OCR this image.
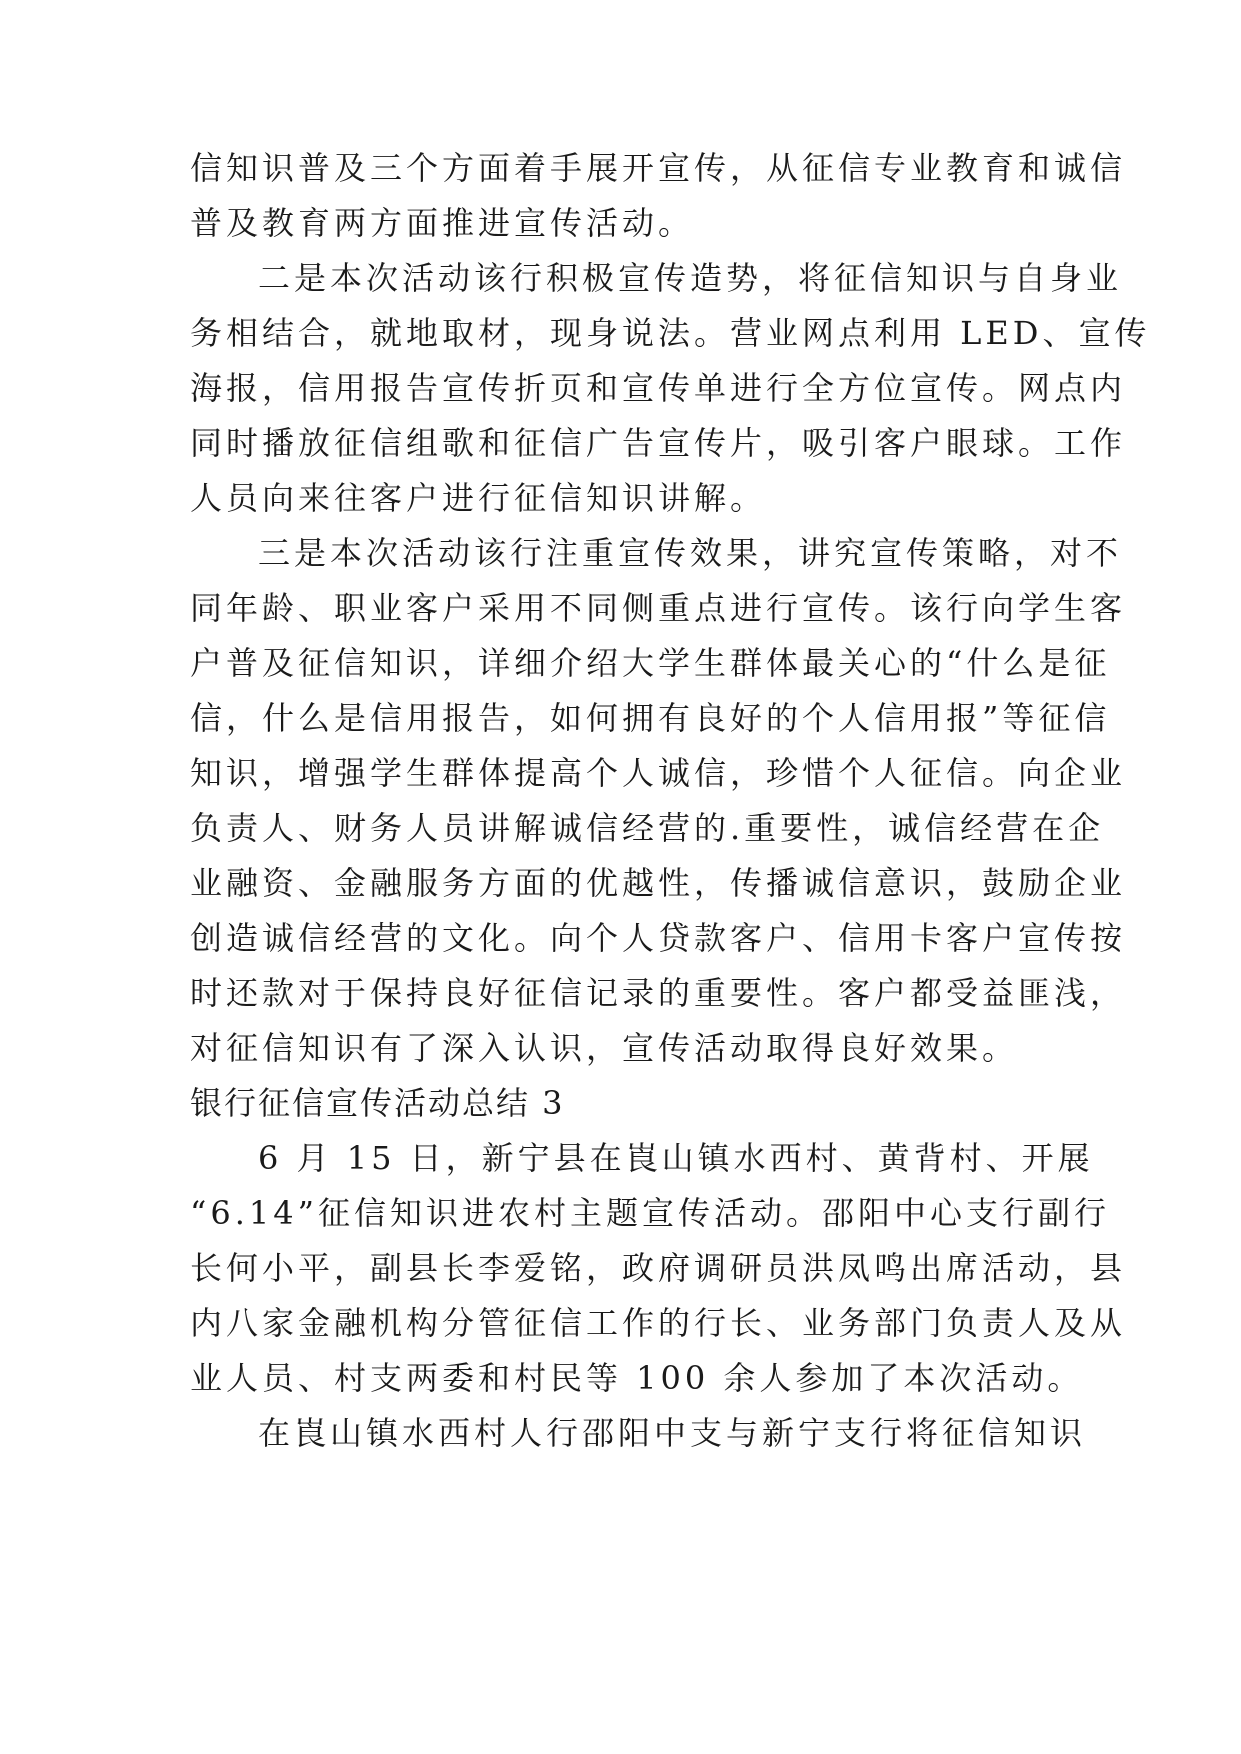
信知识普及三个方面着手展开宣传，从征信专业教育和诚信
普及教育两方面推进宣传活动。
二是本次活动该行积极宣传造势，将征信知识与自身业
务相结合，就地取材，现身说法。营业网点利用 LED、宣传
海报，信用报告宣传折页和宣传单进行全方位宣传。网点内
同时播放征信组歌和征信广告宣传片，吸引客户眼球。工作
人员向来往客户进行征信知识讲解。
三是本次活动该行注重宣传效果，讲究宣传策略，对不
同年龄、职业客户采用不同侧重点进行宣传。该行向学生客
户普及征信知识，详细介绍大学生群体最关心的“什么是征
信，什么是信用报告，如何拥有良好的个人信用报”等征信
知识，增强学生群体提高个人诚信，珍惜个人征信。向企业
负责人、财务人员讲解诚信经营的.重要性，诚信经营在企
业融资、金融服务方面的优越性，传播诚信意识，鼓励企业
创造诚信经营的文化。向个人贷款客户、信用卡客户宣传按
时还款对于保持良好征信记录的重要性。客户都受益匪浅，
对征信知识有了深入认识，宣传活动取得良好效果。
银行征信宣传活动总结 3
6 月 15 日，新宁县在崀山镇水西村、黄背村、开展
“6.14”征信知识进农村主题宣传活动。邵阳中心支行副行
长何小平，副县长李爱铭，政府调研员洪凤鸣出席活动，县
内八家金融机构分管征信工作的行长、业务部门负责人及从
业人员、村支两委和村民等 100 余人参加了本次活动。
在崀山镇水西村人行邵阳中支与新宁支行将征信知识
